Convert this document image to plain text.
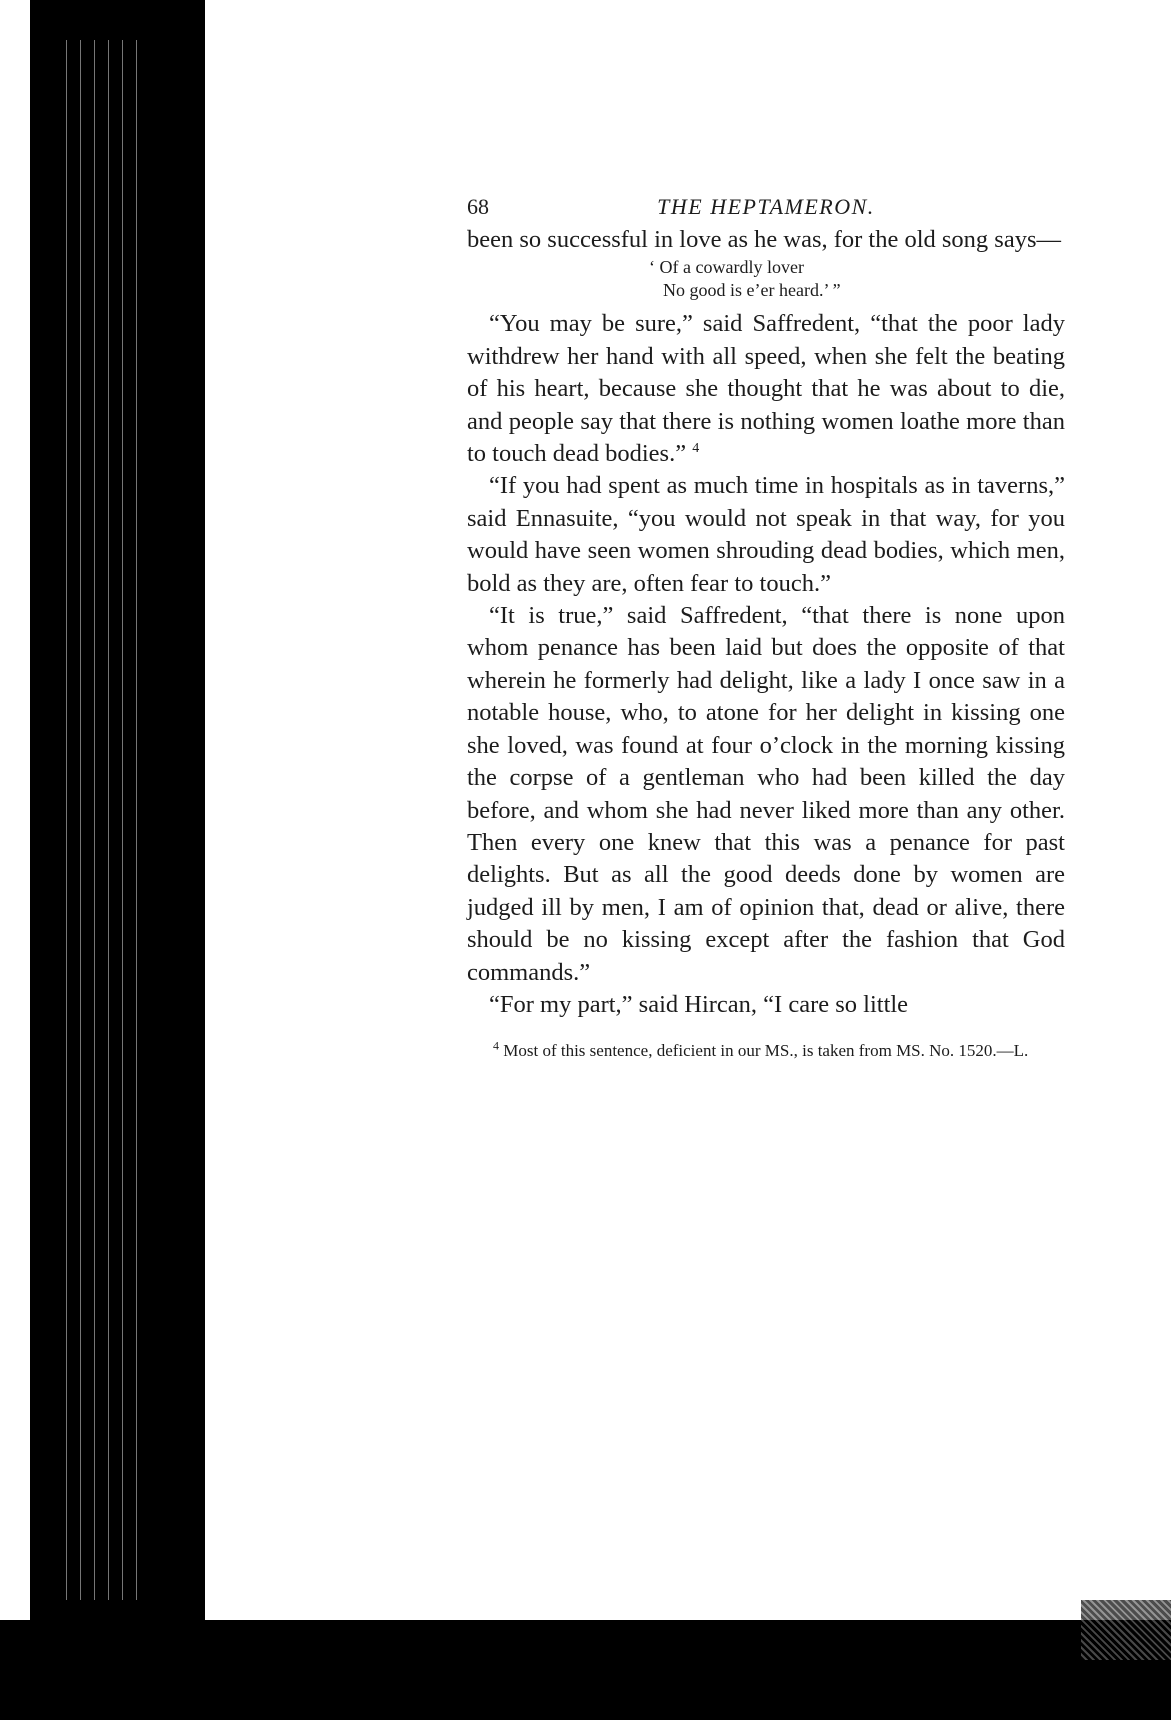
68	THE HEPTAMERON.

been so successful in love as he was, for the old song says—

‘ Of a cowardly lover
No good is e’er heard.’ ”

“You may be sure,” said Saffredent, “that the poor lady withdrew her hand with all speed, when she felt the beating of his heart, because she thought that he was about to die, and people say that there is nothing women loathe more than to touch dead bodies.” $^4$

“If you had spent as much time in hospitals as in taverns,” said Ennasuite, “you would not speak in that way, for you would have seen women shrouding dead bodies, which men, bold as they are, often fear to touch.”

“It is true,” said Saffredent, “that there is none upon whom penance has been laid but does the opposite of that wherein he formerly had delight, like a lady I once saw in a notable house, who, to atone for her delight in kissing one she loved, was found at four o’clock in the morning kissing the corpse of a gentleman who had been killed the day before, and whom she had never liked more than any other. Then every one knew that this was a penance for past delights. But as all the good deeds done by women are judged ill by men, I am of opinion that, dead or alive, there should be no kissing except after the fashion that God commands.”

“For my part,” said Hircan, “I care so little

$^4$ Most of this sentence, deficient in our MS., is taken from MS. No. 1520.—L.
